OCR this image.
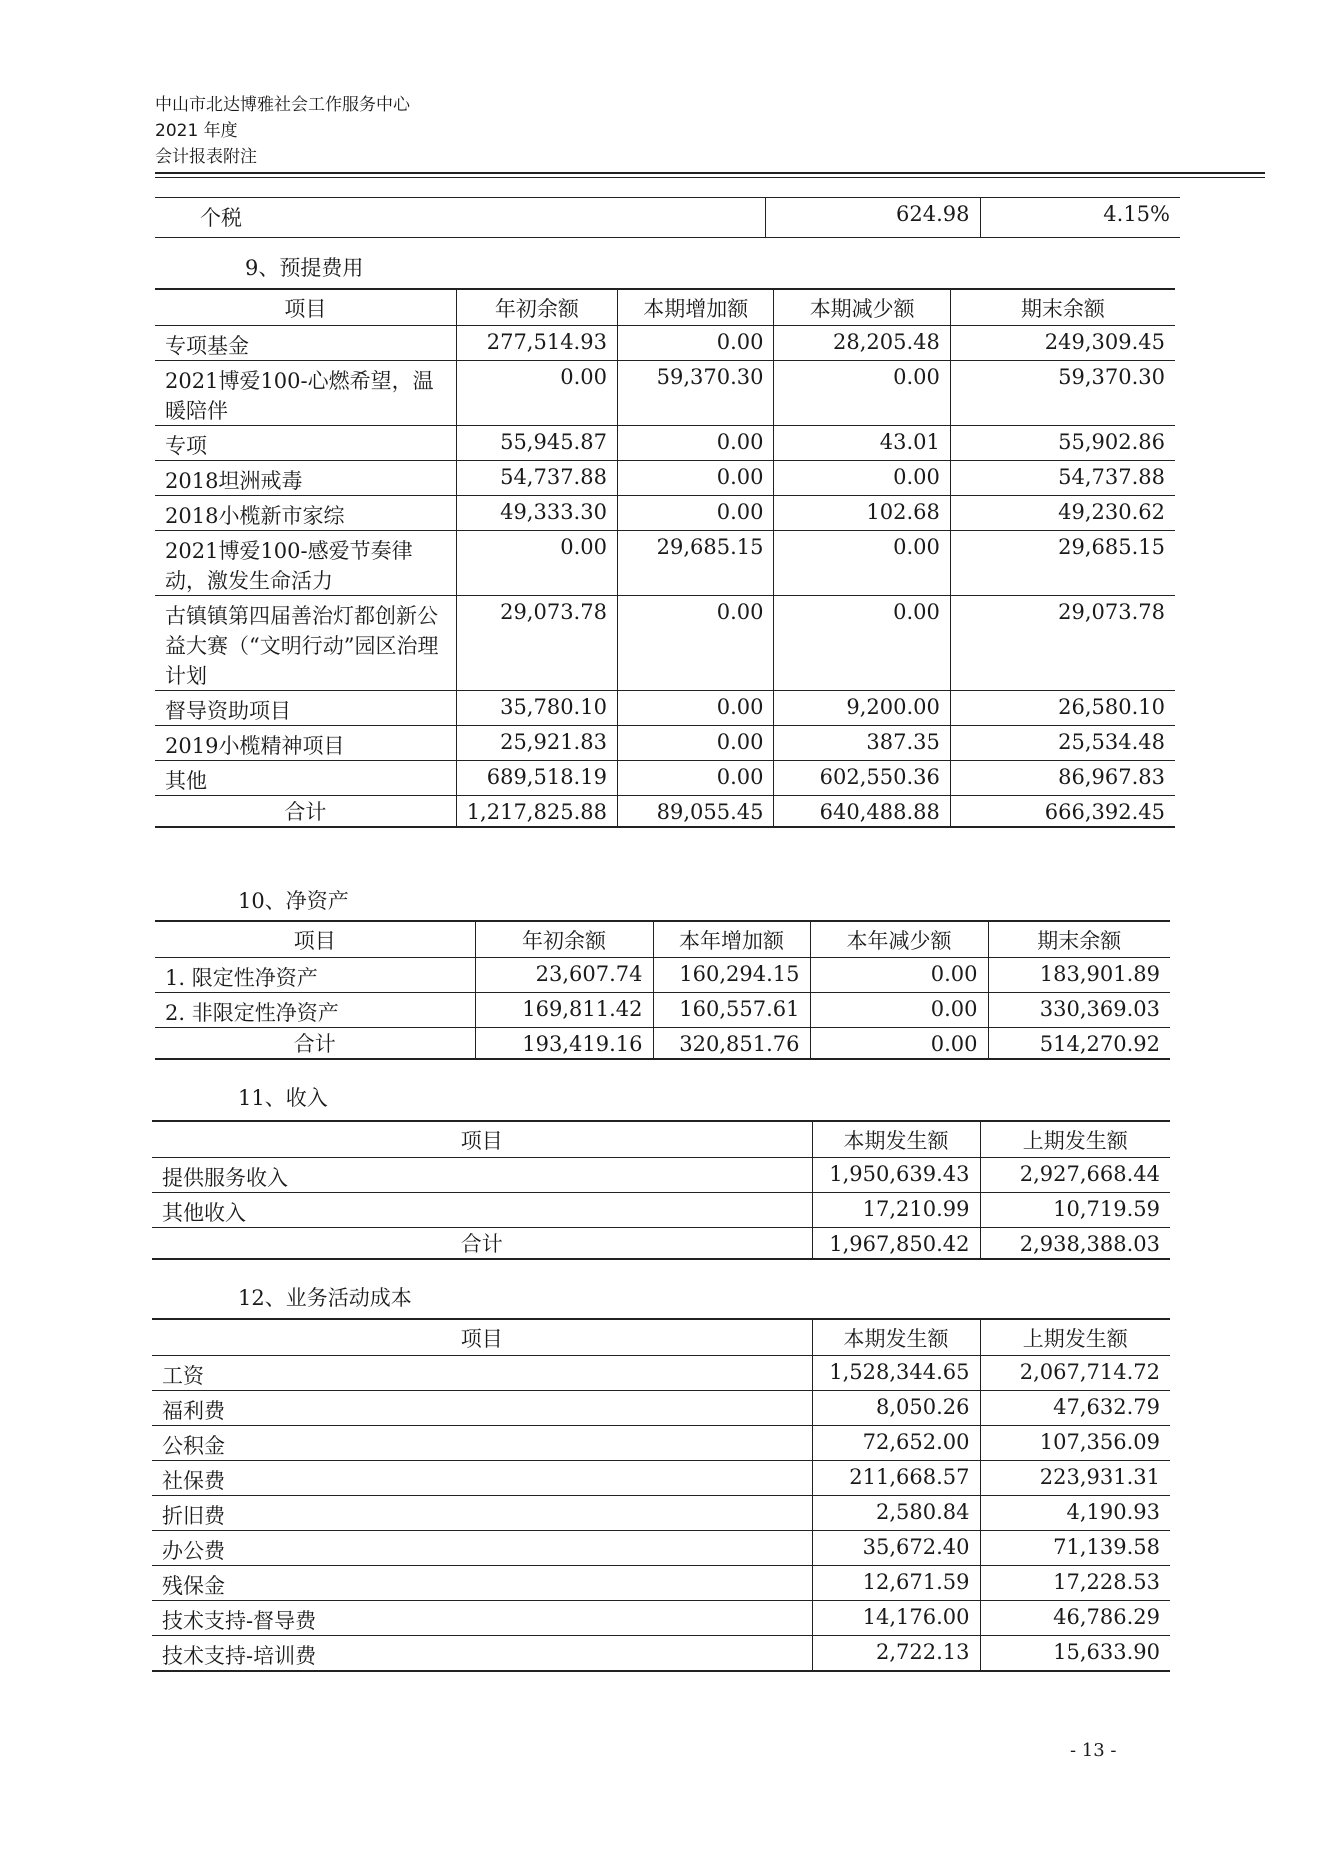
中山市北达博雅社会工作服务中心
2021 年度
会计报表附注
个税	624.98	4.15%
9、预提费用
项目	年初余额	本期增加额	本期减少额	期末余额
专项基金	277,514.93	0.00	28,205.48	249,309.45
2021博爱100-心燃希望，温暖陪伴	0.00	59,370.30	0.00	59,370.30
专项	55,945.87	0.00	43.01	55,902.86
2018坦洲戒毒	54,737.88	0.00	0.00	54,737.88
2018小榄新市家综	49,333.30	0.00	102.68	49,230.62
2021博爱100-感爱节奏律动，激发生命活力	0.00	29,685.15	0.00	29,685.15
古镇镇第四届善治灯都创新公益大赛（“文明行动”园区治理计划	29,073.78	0.00	0.00	29,073.78
督导资助项目	35,780.10	0.00	9,200.00	26,580.10
2019小榄精神项目	25,921.83	0.00	387.35	25,534.48
其他	689,518.19	0.00	602,550.36	86,967.83
合计	1,217,825.88	89,055.45	640,488.88	666,392.45
10、净资产
项目	年初余额	本年增加额	本年减少额	期末余额
1. 限定性净资产	23,607.74	160,294.15	0.00	183,901.89
2. 非限定性净资产	169,811.42	160,557.61	0.00	330,369.03
合计	193,419.16	320,851.76	0.00	514,270.92
11、收入
项目	本期发生额	上期发生额
提供服务收入	1,950,639.43	2,927,668.44
其他收入	17,210.99	10,719.59
合计	1,967,850.42	2,938,388.03
12、业务活动成本
项目	本期发生额	上期发生额
工资	1,528,344.65	2,067,714.72
福利费	8,050.26	47,632.79
公积金	72,652.00	107,356.09
社保费	211,668.57	223,931.31
折旧费	2,580.84	4,190.93
办公费	35,672.40	71,139.58
残保金	12,671.59	17,228.53
技术支持-督导费	14,176.00	46,786.29
技术支持-培训费	2,722.13	15,633.90
- 13 -
